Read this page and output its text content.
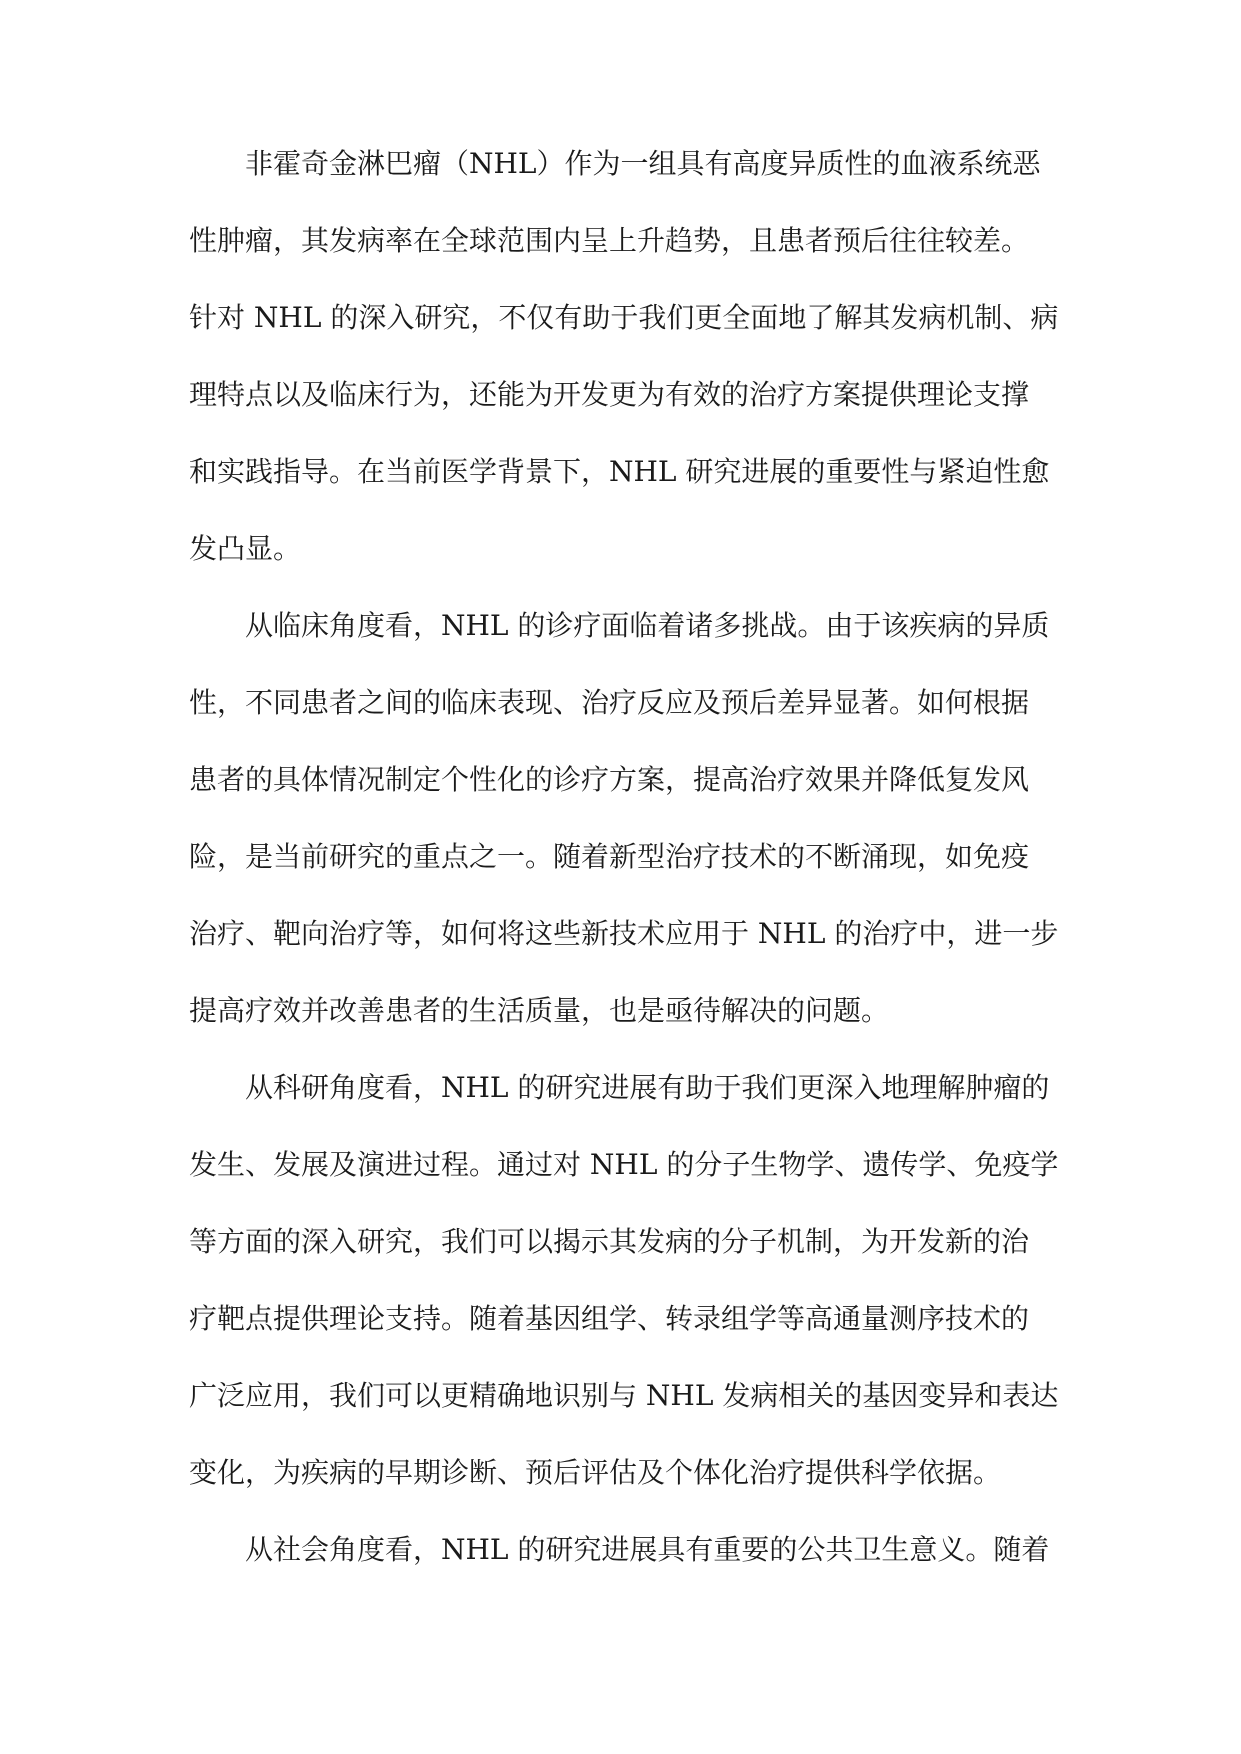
非霍奇金淋巴瘤（NHL）作为一组具有高度异质性的血液系统恶
性肿瘤，其发病率在全球范围内呈上升趋势，且患者预后往往较差。
针对 NHL 的深入研究，不仅有助于我们更全面地了解其发病机制、病
理特点以及临床行为，还能为开发更为有效的治疗方案提供理论支撑
和实践指导。在当前医学背景下，NHL 研究进展的重要性与紧迫性愈
发凸显。

从临床角度看，NHL 的诊疗面临着诸多挑战。由于该疾病的异质
性，不同患者之间的临床表现、治疗反应及预后差异显著。如何根据
患者的具体情况制定个性化的诊疗方案，提高治疗效果并降低复发风
险，是当前研究的重点之一。随着新型治疗技术的不断涌现，如免疫
治疗、靶向治疗等，如何将这些新技术应用于 NHL 的治疗中，进一步
提高疗效并改善患者的生活质量，也是亟待解决的问题。

从科研角度看，NHL 的研究进展有助于我们更深入地理解肿瘤的
发生、发展及演进过程。通过对 NHL 的分子生物学、遗传学、免疫学
等方面的深入研究，我们可以揭示其发病的分子机制，为开发新的治
疗靶点提供理论支持。随着基因组学、转录组学等高通量测序技术的
广泛应用，我们可以更精确地识别与 NHL 发病相关的基因变异和表达
变化，为疾病的早期诊断、预后评估及个体化治疗提供科学依据。

从社会角度看，NHL 的研究进展具有重要的公共卫生意义。随着
